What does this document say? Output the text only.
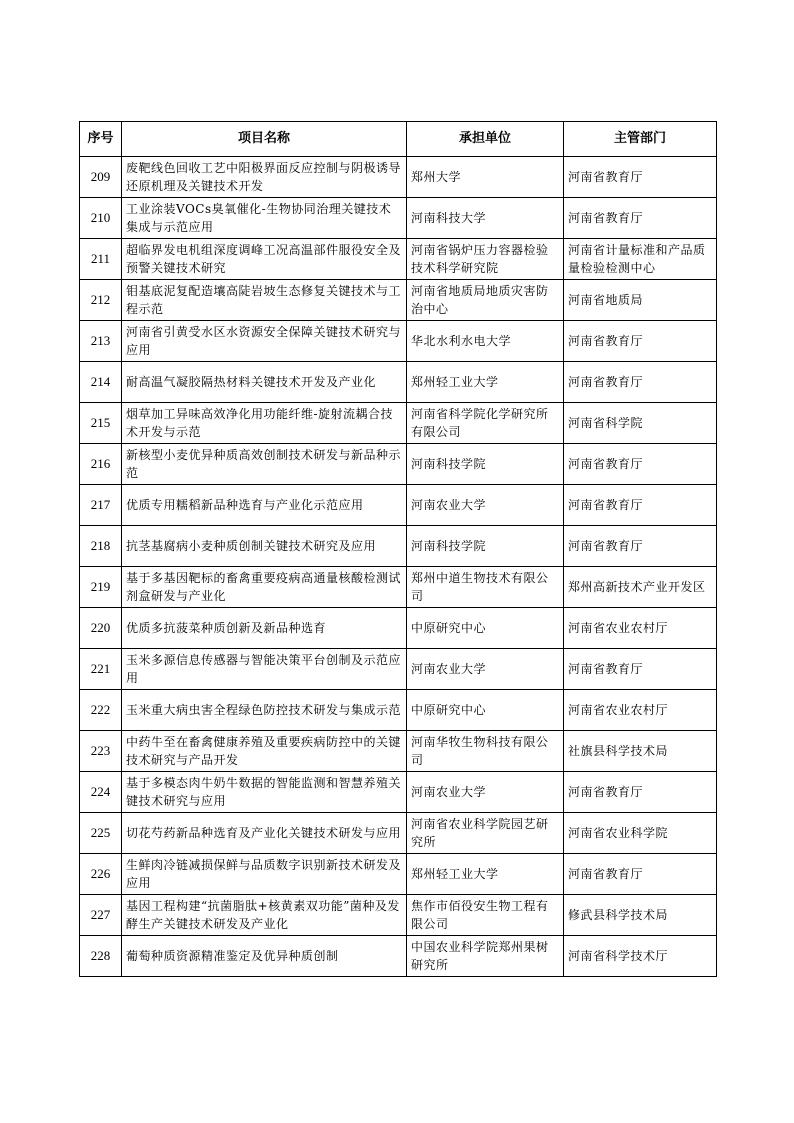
序号	项目名称	承担单位	主管部门
209	废靶线色回收工艺中阳极界面反应控制与阴极诱导还原机理及关键技术开发	郑州大学	河南省教育厅
210	工业涂装VOCs臭氧催化-生物协同治理关键技术集成与示范应用	河南科技大学	河南省教育厅
211	超临界发电机组深度调峰工况高温部件服役安全及预警关键技术研究	河南省锅炉压力容器检验技术科学研究院	河南省计量标准和产品质量检验检测中心
212	钼基底泥复配造壤高陡岩坡生态修复关键技术与工程示范	河南省地质局地质灾害防治中心	河南省地质局
213	河南省引黄受水区水资源安全保障关键技术研究与应用	华北水利水电大学	河南省教育厅
214	耐高温气凝胶隔热材料关键技术开发及产业化	郑州轻工业大学	河南省教育厅
215	烟草加工异味高效净化用功能纤维-旋射流耦合技术开发与示范	河南省科学院化学研究所有限公司	河南省科学院
216	新核型小麦优异种质高效创制技术研发与新品种示范	河南科技学院	河南省教育厅
217	优质专用糯稻新品种选育与产业化示范应用	河南农业大学	河南省教育厅
218	抗茎基腐病小麦种质创制关键技术研究及应用	河南科技学院	河南省教育厅
219	基于多基因靶标的畜禽重要疫病高通量核酸检测试剂盒研发与产业化	郑州中道生物技术有限公司	郑州高新技术产业开发区
220	优质多抗菠菜种质创新及新品种选育	中原研究中心	河南省农业农村厅
221	玉米多源信息传感器与智能决策平台创制及示范应用	河南农业大学	河南省教育厅
222	玉米重大病虫害全程绿色防控技术研发与集成示范	中原研究中心	河南省农业农村厅
223	中药牛至在畜禽健康养殖及重要疾病防控中的关键技术研究与产品开发	河南华牧生物科技有限公司	社旗县科学技术局
224	基于多模态肉牛奶牛数据的智能监测和智慧养殖关键技术研究与应用	河南农业大学	河南省教育厅
225	切花芍药新品种选育及产业化关键技术研发与应用	河南省农业科学院园艺研究所	河南省农业科学院
226	生鲜肉冷链减损保鲜与品质数字识别新技术研发及应用	郑州轻工业大学	河南省教育厅
227	基因工程构建“抗菌脂肽+核黄素双功能”菌种及发酵生产关键技术研发及产业化	焦作市佰役安生物工程有限公司	修武县科学技术局
228	葡萄种质资源精准鉴定及优异种质创制	中国农业科学院郑州果树研究所	河南省科学技术厅
